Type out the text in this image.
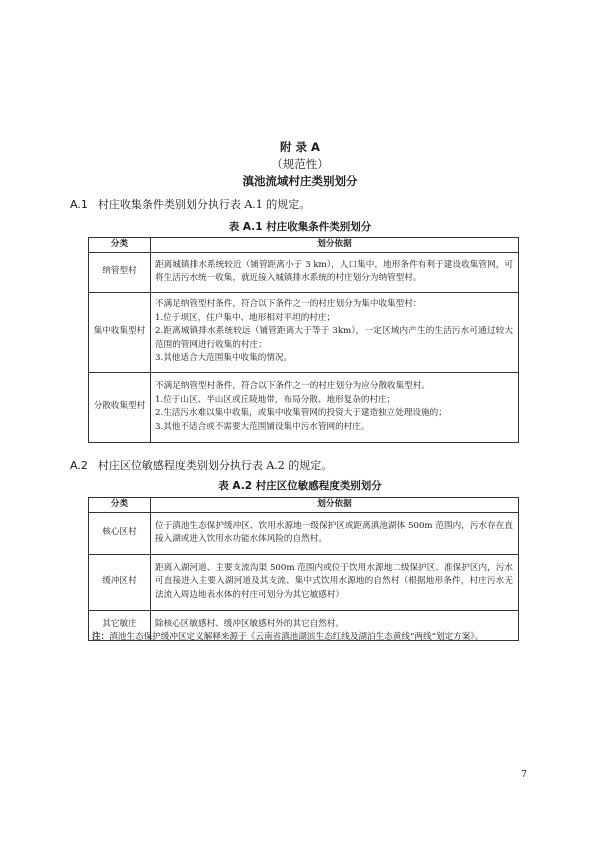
附 录 A
（规范性）
滇池流域村庄类别划分
A.1 村庄收集条件类别划分执行表 A.1 的规定。
表 A.1 村庄收集条件类别划分
分类	划分依据
纳管型村	距离城镇排水系统较近（铺管距离小于 3 km），人口集中，地形条件有利于建设收集管网，可将生活污水统一收集，就近接入城镇排水系统的村庄划分为纳管型村。

集中收集型村	不满足纳管型村条件，符合以下条件之一的村庄划分为集中收集型村：
1.位于坝区，住户集中、地形相对平坦的村庄；
2.距离城镇排水系统较远（铺管距离大于等于 3km），一定区域内产生的生活污水可通过较大范围的管网进行收集的村庄；
3.其他适合大范围集中收集的情况。

分散收集型村	不满足纳管型村条件，符合以下条件之一的村庄划分为应分散收集型村。
1.位于山区、半山区或丘陵地带，布局分散、地形复杂的村庄；
2.生活污水难以集中收集，或集中收集管网的投资大于建造独立处理设施的；
3.其他不适合或不需要大范围铺设集中污水管网的村庄。
A.2 村庄区位敏感程度类别划分执行表 A.2 的规定。
表 A.2 村庄区位敏感程度类别划分
分类	划分依据
核心区村	位于滇池生态保护缓冲区、饮用水源地一级保护区或距离滇池湖体 500m 范围内，污水存在直接入湖或进入饮用水功能水体风险的自然村。

缓冲区村	距离入湖河道、主要支流沟渠 500m 范围内或位于饮用水源地二级保护区、准保护区内，污水可直接进入主要入湖河道及其支流、集中式饮用水源地的自然村（根据地形条件，村庄污水无法流入周边地表水体的村庄可划分为其它敏感村）

其它敏庄	除核心区敏感村、缓冲区敏感村外的其它自然村。
注：滇池生态保护缓冲区定义解释来源于《云南省滇池湖滨生态红线及湖泊生态黄线“两线”划定方案》。
7
